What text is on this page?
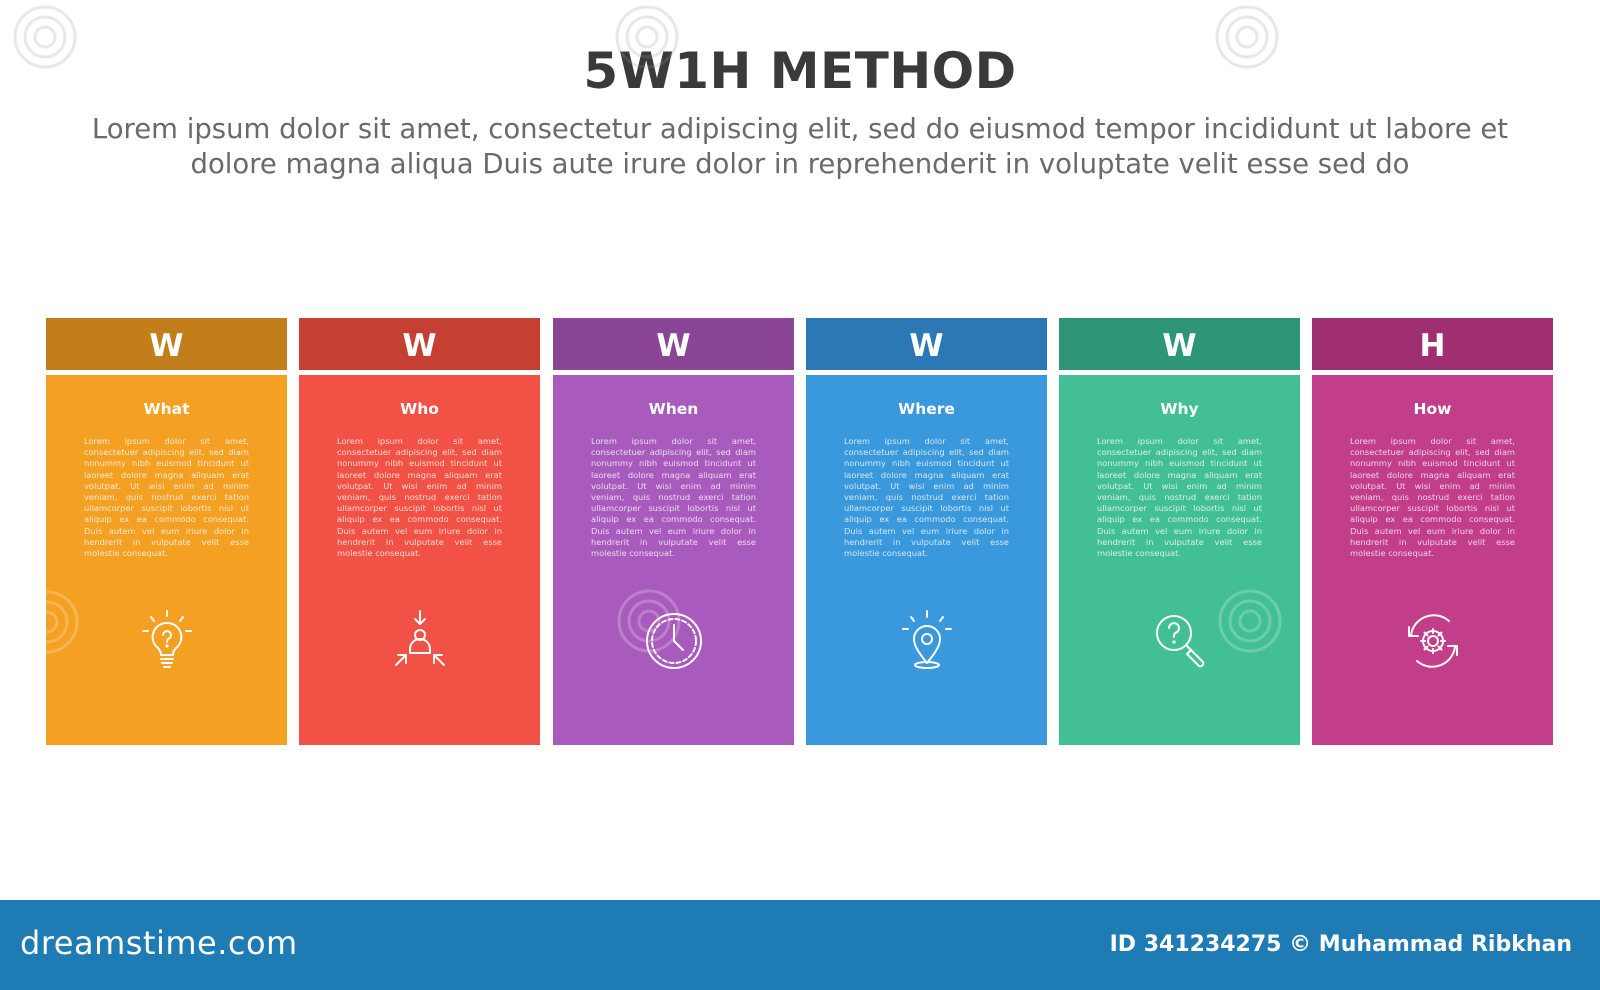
5W1H METHOD
Lorem ipsum dolor sit amet, consectetur adipiscing elit, sed do eiusmod tempor incididunt ut labore et dolore magna aliqua Duis aute irure dolor in reprehenderit in voluptate velit esse sed do
W
What
Lorem ipsum dolor sit amet, consectetuer adipiscing elit, sed diam nonummy nibh euismod tincidunt ut laoreet dolore magna aliquam erat volutpat. Ut wisi enim ad minim veniam, quis nostrud exerci tation ullamcorper suscipit lobortis nisl ut aliquip ex ea commodo consequat. Duis autem vel eum iriure dolor in hendrerit in vulputate velit esse molestie consequat.
W
Who
Lorem ipsum dolor sit amet, consectetuer adipiscing elit, sed diam nonummy nibh euismod tincidunt ut laoreet dolore magna aliquam erat volutpat. Ut wisi enim ad minim veniam, quis nostrud exerci tation ullamcorper suscipit lobortis nisl ut aliquip ex ea commodo consequat. Duis autem vel eum iriure dolor in hendrerit in vulputate velit esse molestie consequat.
W
When
Lorem ipsum dolor sit amet, consectetuer adipiscing elit, sed diam nonummy nibh euismod tincidunt ut laoreet dolore magna aliquam erat volutpat. Ut wisi enim ad minim veniam, quis nostrud exerci tation ullamcorper suscipit lobortis nisl ut aliquip ex ea commodo consequat. Duis autem vel eum iriure dolor in hendrerit in vulputate velit esse molestie consequat.
W
Where
Lorem ipsum dolor sit amet, consectetuer adipiscing elit, sed diam nonummy nibh euismod tincidunt ut laoreet dolore magna aliquam erat volutpat. Ut wisi enim ad minim veniam, quis nostrud exerci tation ullamcorper suscipit lobortis nisl ut aliquip ex ea commodo consequat. Duis autem vel eum iriure dolor in hendrerit in vulputate velit esse molestie consequat.
W
Why
Lorem ipsum dolor sit amet, consectetuer adipiscing elit, sed diam nonummy nibh euismod tincidunt ut laoreet dolore magna aliquam erat volutpat. Ut wisi enim ad minim veniam, quis nostrud exerci tation ullamcorper suscipit lobortis nisl ut aliquip ex ea commodo consequat. Duis autem vel eum iriure dolor in hendrerit in vulputate velit esse molestie consequat.
H
How
Lorem ipsum dolor sit amet, consectetuer adipiscing elit, sed diam nonummy nibh euismod tincidunt ut laoreet dolore magna aliquam erat volutpat. Ut wisi enim ad minim veniam, quis nostrud exerci tation ullamcorper suscipit lobortis nisl ut aliquip ex ea commodo consequat. Duis autem vel eum iriure dolor in hendrerit in vulputate velit esse molestie consequat.
dreamstime.com	ID 341234275 © Muhammad Ribkhan
